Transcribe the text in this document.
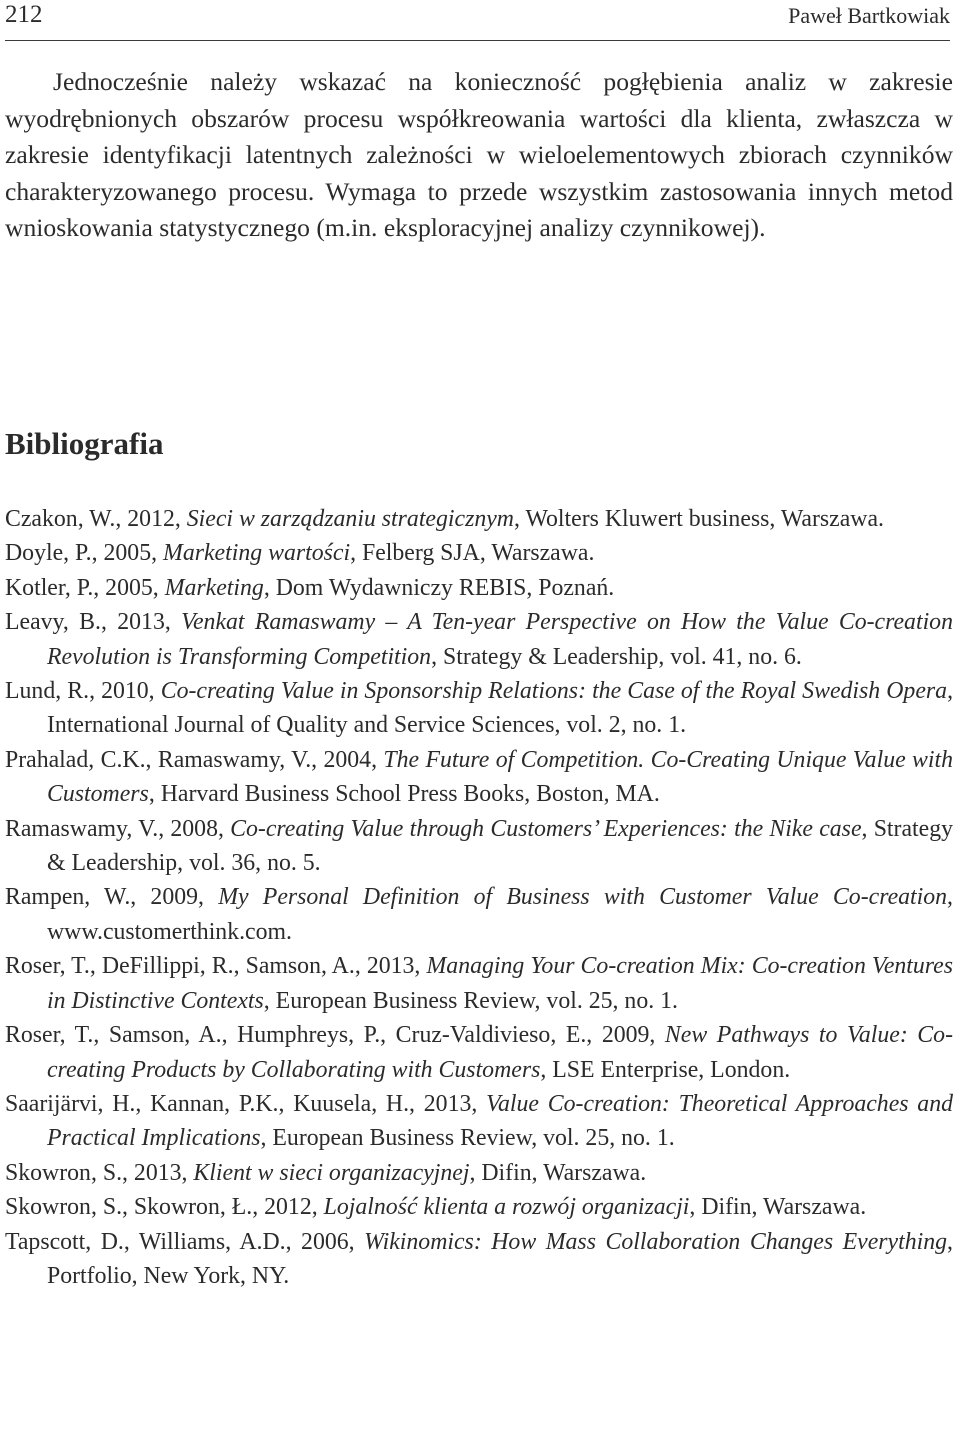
212	Paweł Bartkowiak

Jednocześnie należy wskazać na konieczność pogłębienia analiz w zakresie wyodrębnionych obszarów procesu współkreowania wartości dla klienta, zwłaszcza w zakresie identyfikacji latentnych zależności w wieloelementowych zbiorach czynników charakteryzowanego procesu. Wymaga to przede wszystkim zastosowania innych metod wnioskowania statystycznego (m.in. eksploracyjnej analizy czynnikowej).

Bibliografia
Czakon, W., 2012, Sieci w zarządzaniu strategicznym, Wolters Kluwert business, Warszawa.
Doyle, P., 2005, Marketing wartości, Felberg SJA, Warszawa.
Kotler, P., 2005, Marketing, Dom Wydawniczy REBIS, Poznań.
Leavy, B., 2013, Venkat Ramaswamy – A Ten-year Perspective on How the Value Co-creation Revolution is Transforming Competition, Strategy & Leadership, vol. 41, no. 6.
Lund, R., 2010, Co-creating Value in Sponsorship Relations: the Case of the Royal Swedish Opera, International Journal of Quality and Service Sciences, vol. 2, no. 1.
Prahalad, C.K., Ramaswamy, V., 2004, The Future of Competition. Co-Creating Unique Value with Customers, Harvard Business School Press Books, Boston, MA.
Ramaswamy, V., 2008, Co-creating Value through Customers’ Experiences: the Nike case, Strategy & Leadership, vol. 36, no. 5.
Rampen, W., 2009, My Personal Definition of Business with Customer Value Co-creation, www.customerthink.com.
Roser, T., DeFillippi, R., Samson, A., 2013, Managing Your Co-creation Mix: Co-creation Ventures in Distinctive Contexts, European Business Review, vol. 25, no. 1.
Roser, T., Samson, A., Humphreys, P., Cruz-Valdivieso, E., 2009, New Pathways to Value: Co-creating Products by Collaborating with Customers, LSE Enterprise, London.
Saarijärvi, H., Kannan, P.K., Kuusela, H., 2013, Value Co-creation: Theoretical Approaches and Practical Implications, European Business Review, vol. 25, no. 1.
Skowron, S., 2013, Klient w sieci organizacyjnej, Difin, Warszawa.
Skowron, S., Skowron, Ł., 2012, Lojalność klienta a rozwój organizacji, Difin, Warszawa.
Tapscott, D., Williams, A.D., 2006, Wikinomics: How Mass Collaboration Changes Everything, Portfolio, New York, NY.
